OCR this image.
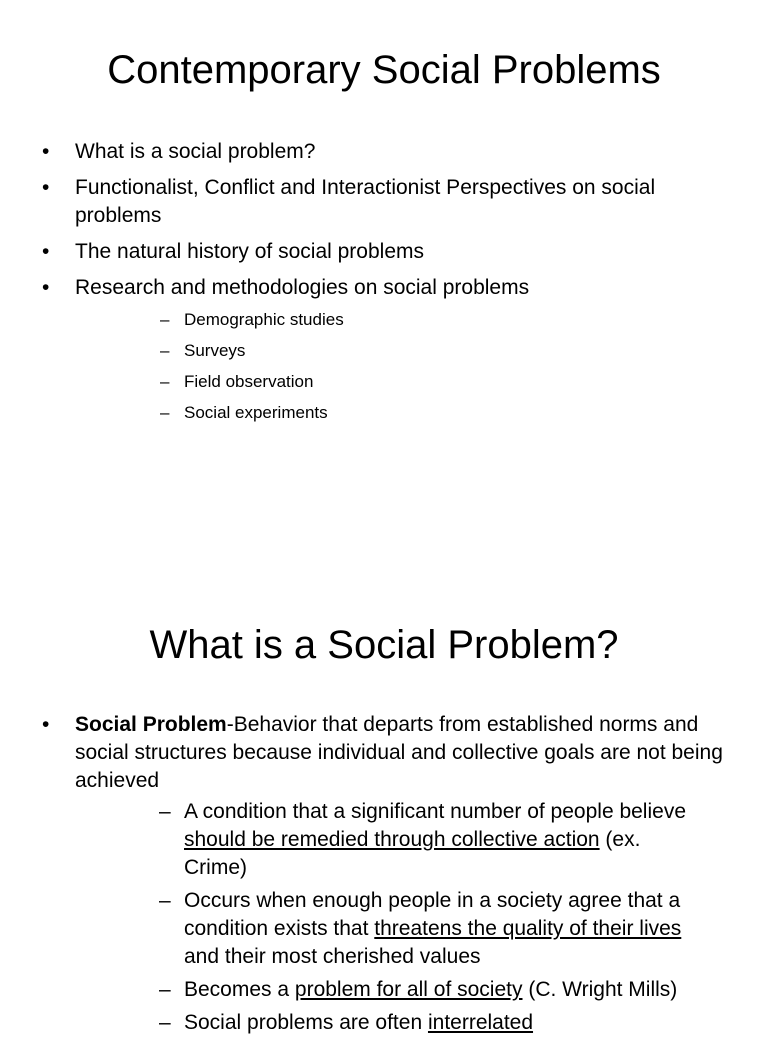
Contemporary Social Problems
• What is a social problem?
• Functionalist, Conflict and Interactionist Perspectives on social problems
• The natural history of social problems
• Research and methodologies on social problems
– Demographic studies
– Surveys
– Field observation
– Social experiments
What is a Social Problem?
• Social Problem-Behavior that departs from established norms and social structures because individual and collective goals are not being achieved
– A condition that a significant number of people believe should be remedied through collective action (ex. Crime)
– Occurs when enough people in a society agree that a condition exists that threatens the quality of their lives and their most cherished values
– Becomes a problem for all of society (C. Wright Mills)
– Social problems are often interrelated
